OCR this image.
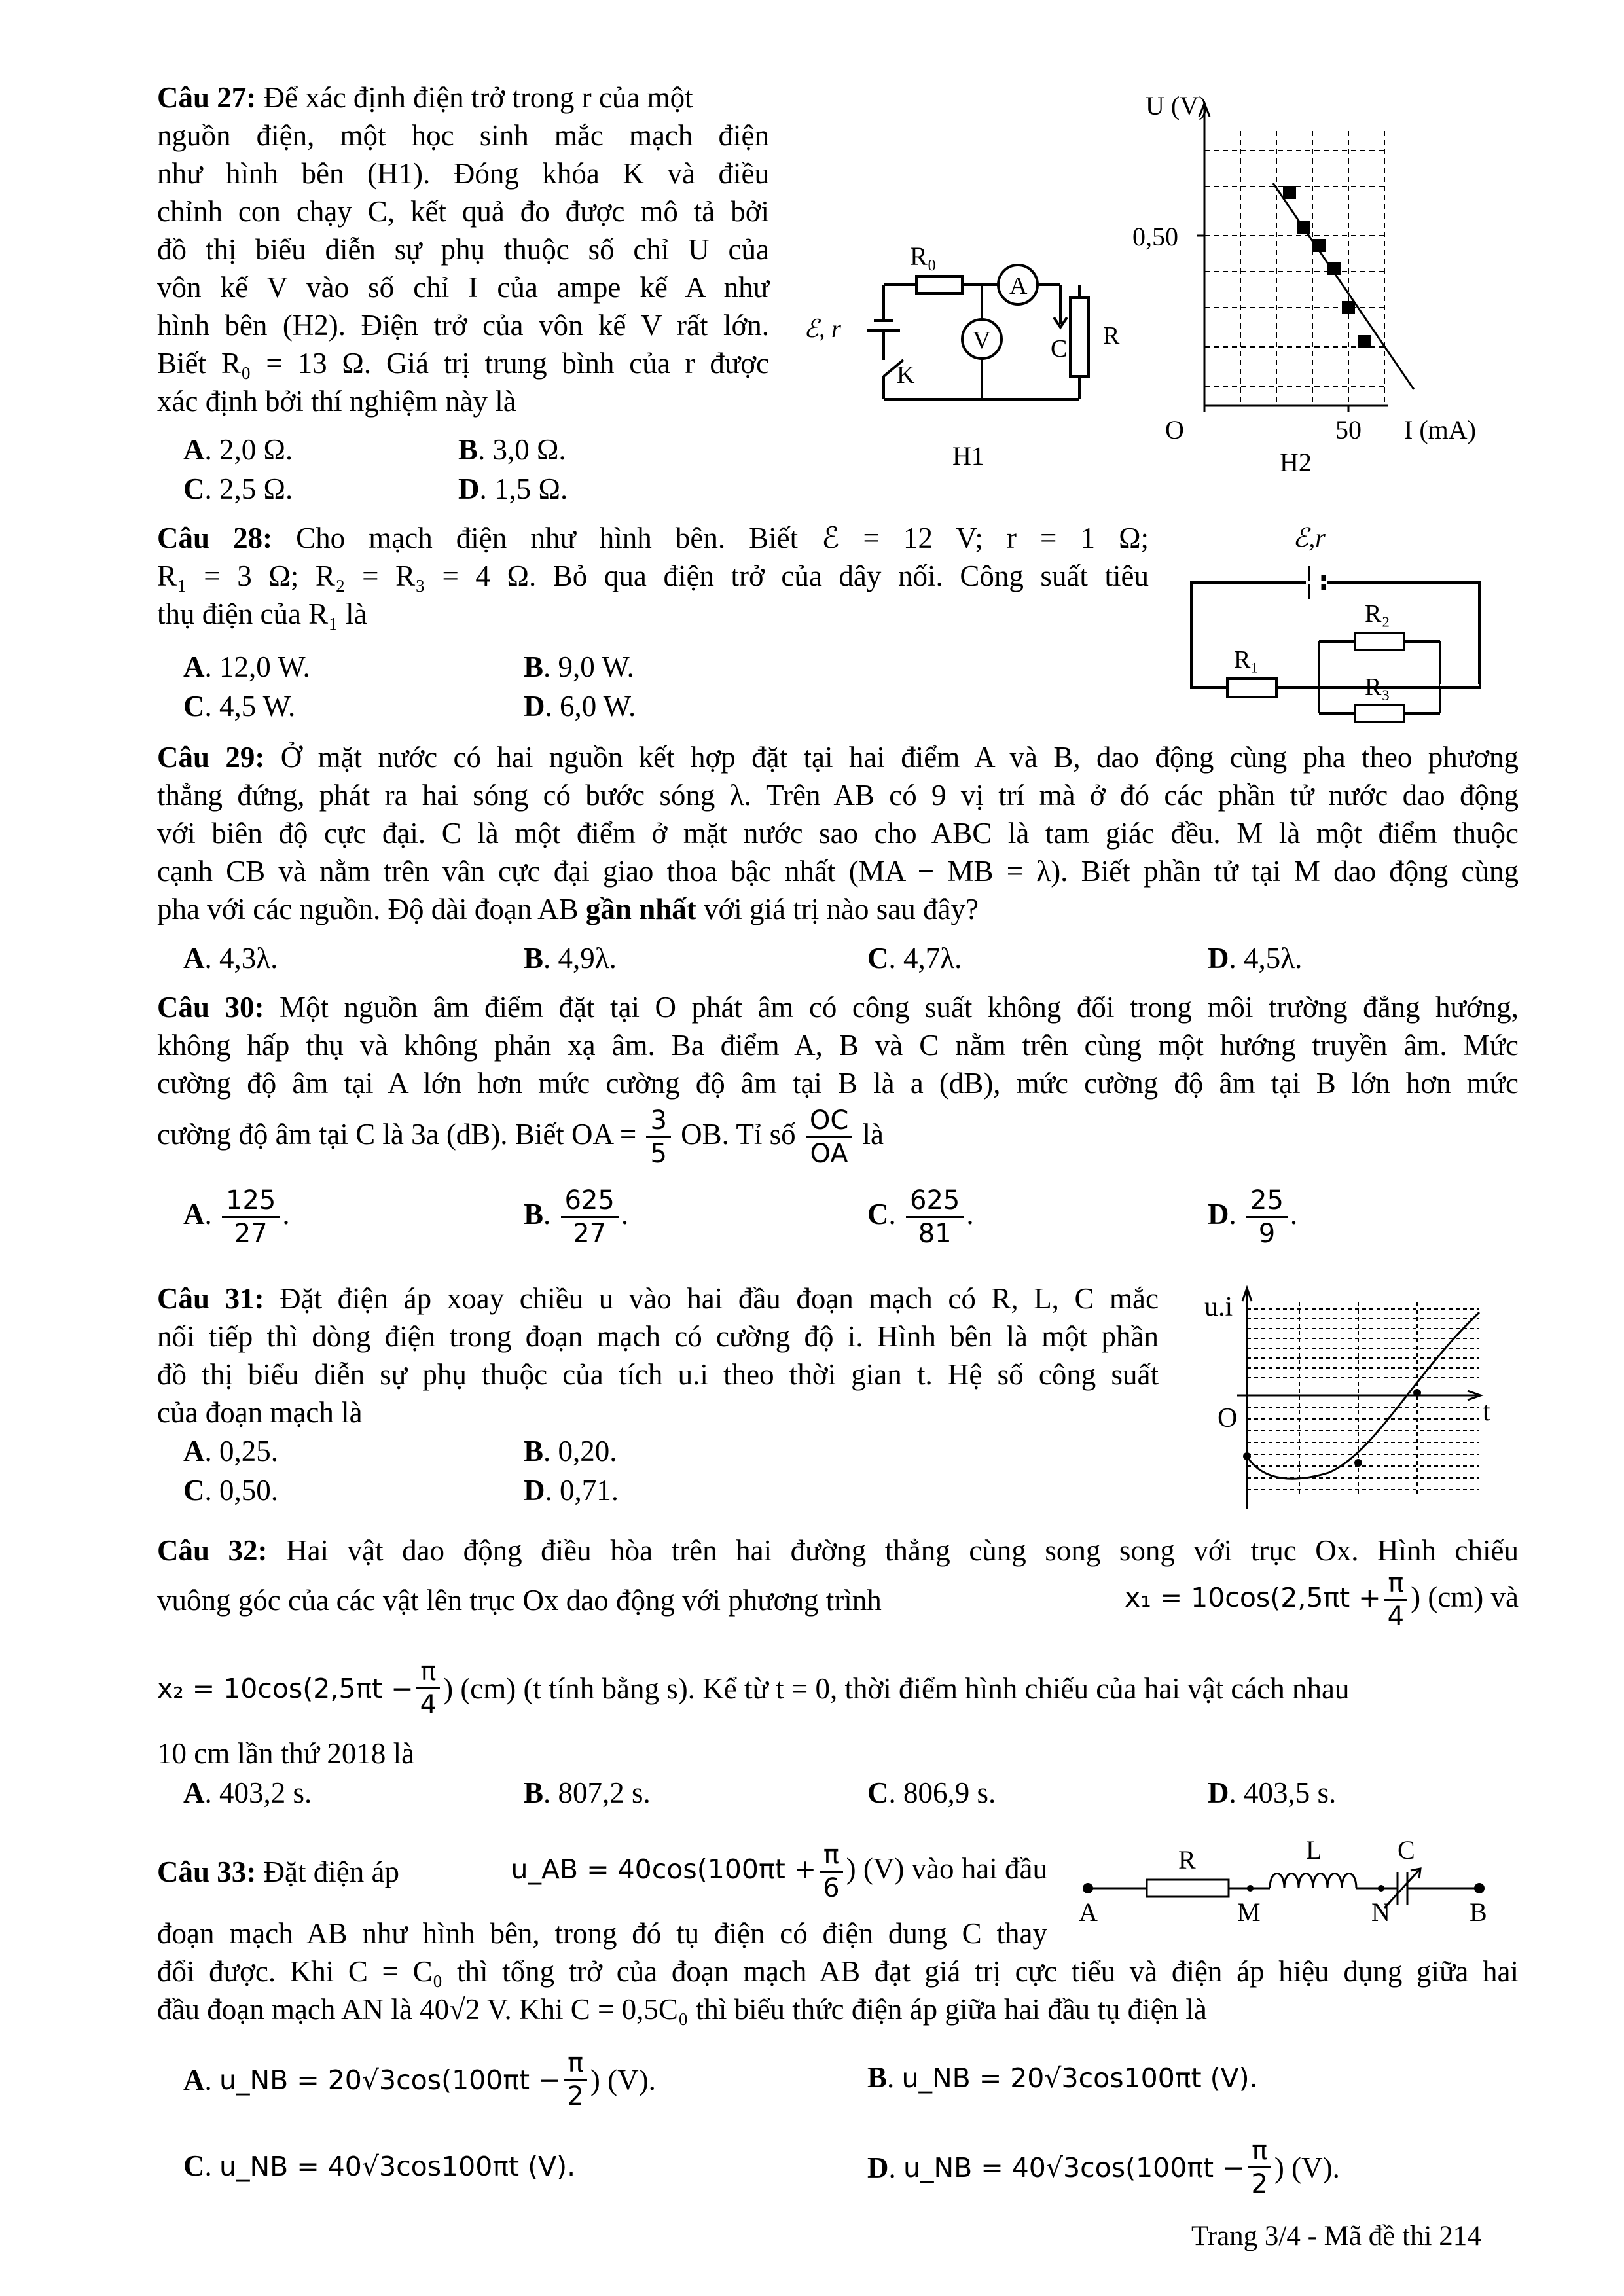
Câu 27: Để xác định điện trở trong r của một
nguồn điện, một học sinh mắc mạch điện
như hình bên (H1). Đóng khóa K và điều
chỉnh con chạy C, kết quả đo được mô tả bởi
đồ thị biểu diễn sự phụ thuộc số chỉ U của
vôn kế V vào số chỉ I của ampe kế A như
hình bên (H2). Điện trở của vôn kế V rất lớn.
Biết R₀ = 13 Ω. Giá trị trung bình của r được
xác định bởi thí nghiệm này là
A. 2,0 Ω.	B. 3,0 Ω.
C. 2,5 Ω.	D. 1,5 Ω.
R₀
A
V
ℰ, r
K
C R
H1
U (V)
0,50
O	50 I (mA)
H2
Câu 28: Cho mạch điện như hình bên. Biết ℰ = 12 V; r = 1 Ω;
R₁ = 3 Ω; R₂ = R₃ = 4 Ω. Bỏ qua điện trở của dây nối. Công suất tiêu
thụ điện của R₁ là
A. 12,0 W.	B. 9,0 W.
C. 4,5 W.	D. 6,0 W.
ℰ,r
R₁
R₂
R₃
Câu 29: Ở mặt nước có hai nguồn kết hợp đặt tại hai điểm A và B, dao động cùng pha theo phương
thẳng đứng, phát ra hai sóng có bước sóng λ. Trên AB có 9 vị trí mà ở đó các phần tử nước dao động
với biên độ cực đại. C là một điểm ở mặt nước sao cho ABC là tam giác đều. M là một điểm thuộc
cạnh CB và nằm trên vân cực đại giao thoa bậc nhất (MA − MB = λ). Biết phần tử tại M dao động cùng
pha với các nguồn. Độ dài đoạn AB gần nhất với giá trị nào sau đây?
A. 4,3λ.	B. 4,9λ.	C. 4,7λ.	D. 4,5λ.
Câu 30: Một nguồn âm điểm đặt tại O phát âm có công suất không đổi trong môi trường đẳng hướng,
không hấp thụ và không phản xạ âm. Ba điểm A, B và C nằm trên cùng một hướng truyền âm. Mức
cường độ âm tại A lớn hơn mức cường độ âm tại B là a (dB), mức cường độ âm tại B lớn hơn mức
cường độ âm tại C là 3a (dB). Biết OA = $\frac{3}{5}$ OB. Tỉ số $\frac{OC}{OA}$ là
A. $\frac{125}{27}$ .	B. $\frac{625}{27}$ .	C. $\frac{625}{81}$ .	D. $\frac{25}{9}$ .
Câu 31: Đặt điện áp xoay chiều u vào hai đầu đoạn mạch có R, L, C mắc
nối tiếp thì dòng điện trong đoạn mạch có cường độ i. Hình bên là một phần
đồ thị biểu diễn sự phụ thuộc của tích u.i theo thời gian t. Hệ số công suất
của đoạn mạch là
A. 0,25.	B. 0,20.
C. 0,50.	D. 0,71.
u.i
O	t
Câu 32: Hai vật dao động điều hòa trên hai đường thẳng cùng song song với trục Ox. Hình chiếu
vuông góc của các vật lên trục Ox dao động với phương trình	$x_1 = 10\cos(2,5\pi t + \frac{\pi}{4}$ ) (cm) và
$x_2 = 10\cos(2,5\pi t - \frac{\pi}{4}$ ) (cm) (t tính bằng s). Kể từ t = 0, thời điểm hình chiếu của hai vật cách nhau
10 cm lần thứ 2018 là
A. 403,2 s.	B. 807,2 s.	C. 806,9 s.	D. 403,5 s.
Câu 33: Đặt điện áp	u_AB = $40\cos(100\pi t + \frac{\pi}{6}$ ) (V) vào hai đầu
đoạn mạch AB như hình bên, trong đó tụ điện có điện dung C thay
đổi được. Khi C = C₀ thì tổng trở của đoạn mạch AB đạt giá trị cực tiểu và điện áp hiệu dụng giữa hai
đầu đoạn mạch AN là 40√2 V. Khi C = 0,5C₀ thì biểu thức điện áp giữa hai đầu tụ điện là
R	L	C
A	M	N	B
A . u_NB = $20√3\cos(100\pi t - \frac{\pi}{2}$ ) (V).	B. u_NB = 20√3cos100πt (V).
C. u_NB = 40√3cos100πt (V).	D . u_NB = $40√3\cos(100\pi t - \frac{\pi}{2}$ ) (V).
Trang 3/4 - Mã đề thi 214
